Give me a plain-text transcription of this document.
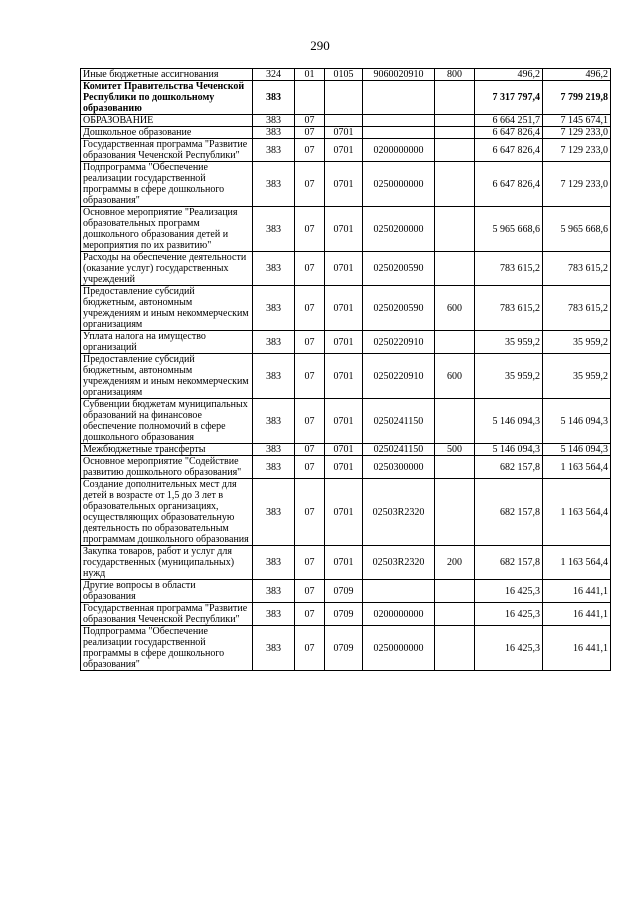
290
Иные бюджетные ассигнования	324	01	0105	9060020910	800	496,2	496,2
Комитет Правительства Чеченской Республики по дошкольному образованию	383					7 317 797,4	7 799 219,8
ОБРАЗОВАНИЕ	383	07				6 664 251,7	7 145 674,1
Дошкольное образование	383	07	0701			6 647 826,4	7 129 233,0
Государственная программа "Развитие образования Чеченской Республики"	383	07	0701	0200000000		6 647 826,4	7 129 233,0
Подпрограмма "Обеспечение реализации государственной программы в сфере дошкольного образования"	383	07	0701	0250000000		6 647 826,4	7 129 233,0
Основное мероприятие "Реализация образовательных программ дошкольного образования детей и мероприятия по их развитию"	383	07	0701	0250200000		5 965 668,6	5 965 668,6
Расходы на обеспечение деятельности (оказание услуг) государственных учреждений	383	07	0701	0250200590		783 615,2	783 615,2
Предоставление субсидий бюджетным, автономным учреждениям и иным некоммерческим организациям	383	07	0701	0250200590	600	783 615,2	783 615,2
Уплата налога на имущество организаций	383	07	0701	0250220910		35 959,2	35 959,2
Предоставление субсидий бюджетным, автономным учреждениям и иным некоммерческим организациям	383	07	0701	0250220910	600	35 959,2	35 959,2
Субвенции бюджетам муниципальных образований на финансовое обеспечение полномочий в сфере дошкольного образования	383	07	0701	0250241150		5 146 094,3	5 146 094,3
Межбюджетные трансферты	383	07	0701	0250241150	500	5 146 094,3	5 146 094,3
Основное мероприятие "Содействие развитию дошкольного образования"	383	07	0701	0250300000		682 157,8	1 163 564,4
Создание дополнительных мест для детей в возрасте от 1,5 до 3 лет в образовательных организациях, осуществляющих образовательную деятельность по образовательным программам дошкольного образования	383	07	0701	02503R2320		682 157,8	1 163 564,4
Закупка товаров, работ и услуг для государственных (муниципальных) нужд	383	07	0701	02503R2320	200	682 157,8	1 163 564,4
Другие вопросы в области образования	383	07	0709			16 425,3	16 441,1
Государственная программа "Развитие образования Чеченской Республики"	383	07	0709	0200000000		16 425,3	16 441,1
Подпрограмма "Обеспечение реализации государственной программы в сфере дошкольного образования"	383	07	0709	0250000000		16 425,3	16 441,1
